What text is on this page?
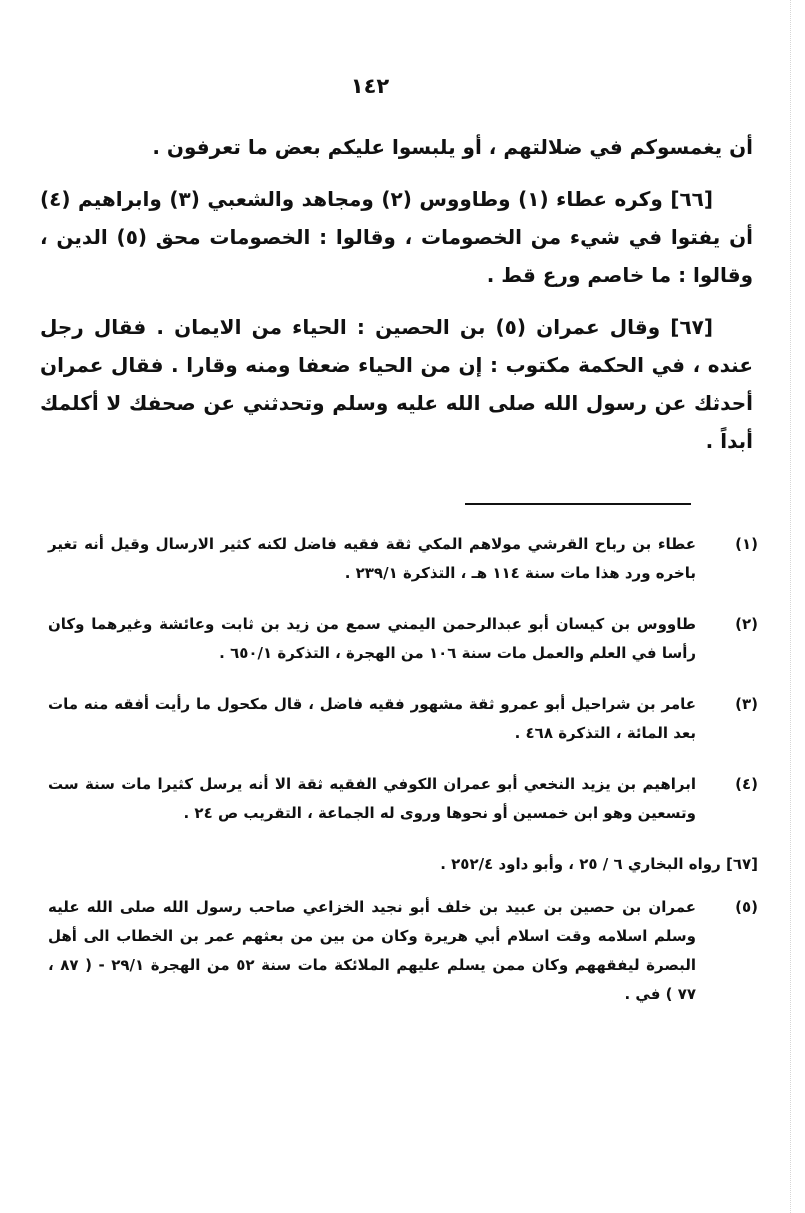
١٤٢

أن يغمسوكم في ضلالتهم ، أو يلبسوا عليكم بعض ما تعرفون .

[٦٦] وكره عطاء (١) وطاووس (٢) ومجاهد والشعبي (٣) وابراهيم (٤) أن يفتوا في شيء من الخصومات ، وقالوا : الخصومات محق (٥) الدين ، وقالوا : ما خاصم ورع قط .

[٦٧] وقال عمران (٥) بن الحصين : الحياء من الايمان . فقال رجل عنده ، في الحكمة مكتوب : إن من الحياء ضعفا ومنه وقارا . فقال عمران أحدثك عن رسول الله صلى الله عليه وسلم وتحدثني عن صحفك لا أكلمك أبداً .

(١)
عطاء بن رباح القرشي مولاهم المكي ثقة فقيه فاضل لكنه كثير الارسال وقيل أنه تغير باخره ورد هذا مات سنة ١١٤ هـ ، التذكرة ٢٣٩/١ .
(٢)
طاووس بن كيسان أبو عبدالرحمن اليمني سمع من زيد بن ثابت وعائشة وغيرهما وكان رأسا في العلم والعمل مات سنة ١٠٦ من الهجرة ، التذكرة ٦٥٠/١ .
(٣)
عامر بن شراحيل أبو عمرو ثقة مشهور فقيه فاضل ، قال مكحول ما رأيت أفقه منه مات بعد المائة ، التذكرة ٤٦٨ .
(٤)
ابراهيم بن يزيد النخعي أبو عمران الكوفي الفقيه ثقة الا أنه يرسل كثيرا مات سنة ست وتسعين وهو ابن خمسين أو نحوها وروى له الجماعة ، التقريب ص ٢٤ .
[٦٧] رواه البخاري ٦ / ٢٥ ، وأبو داود ٢٥٢/٤ .
(٥)
عمران بن حصين بن عبيد بن خلف أبو نجيد الخزاعي صاحب رسول الله صلى الله عليه وسلم اسلامه وقت اسلام أبي هريرة وكان من بين من بعثهم عمر بن الخطاب الى أهل البصرة ليفقههم وكان ممن يسلم عليهم الملائكة مات سنة ٥٢ من الهجرة ٢٩/١ - ( ٨٧ ، ٧٧ ) في .
